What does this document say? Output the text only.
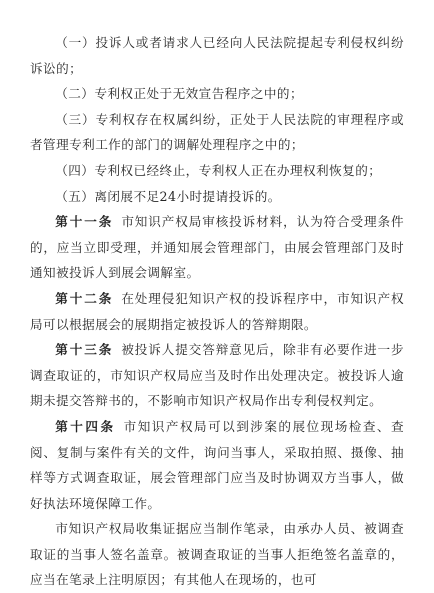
（一）投诉人或者请求人已经向人民法院提起专利侵权纠纷诉讼的；

（二）专利权正处于无效宣告程序之中的；

（三）专利权存在权属纠纷，正处于人民法院的审理程序或者管理专利工作的部门的调解处理程序之中的；

（四）专利权已经终止，专利权人正在办理权利恢复的；

（五）离闭展不足24小时提请投诉的。

第十一条 市知识产权局审核投诉材料，认为符合受理条件的，应当立即受理，并通知展会管理部门，由展会管理部门及时通知被投诉人到展会调解室。

第十二条 在处理侵犯知识产权的投诉程序中，市知识产权局可以根据展会的展期指定被投诉人的答辩期限。

第十三条 被投诉人提交答辩意见后，除非有必要作进一步调查取证的，市知识产权局应当及时作出处理决定。被投诉人逾期未提交答辩书的，不影响市知识产权局作出专利侵权判定。

第十四条 市知识产权局可以到涉案的展位现场检查、查阅、复制与案件有关的文件，询问当事人，采取拍照、摄像、抽样等方式调查取证，展会管理部门应当及时协调双方当事人，做好执法环境保障工作。

市知识产权局收集证据应当制作笔录，由承办人员、被调查取证的当事人签名盖章。被调查取证的当事人拒绝签名盖章的，应当在笔录上注明原因；有其他人在现场的，也可
